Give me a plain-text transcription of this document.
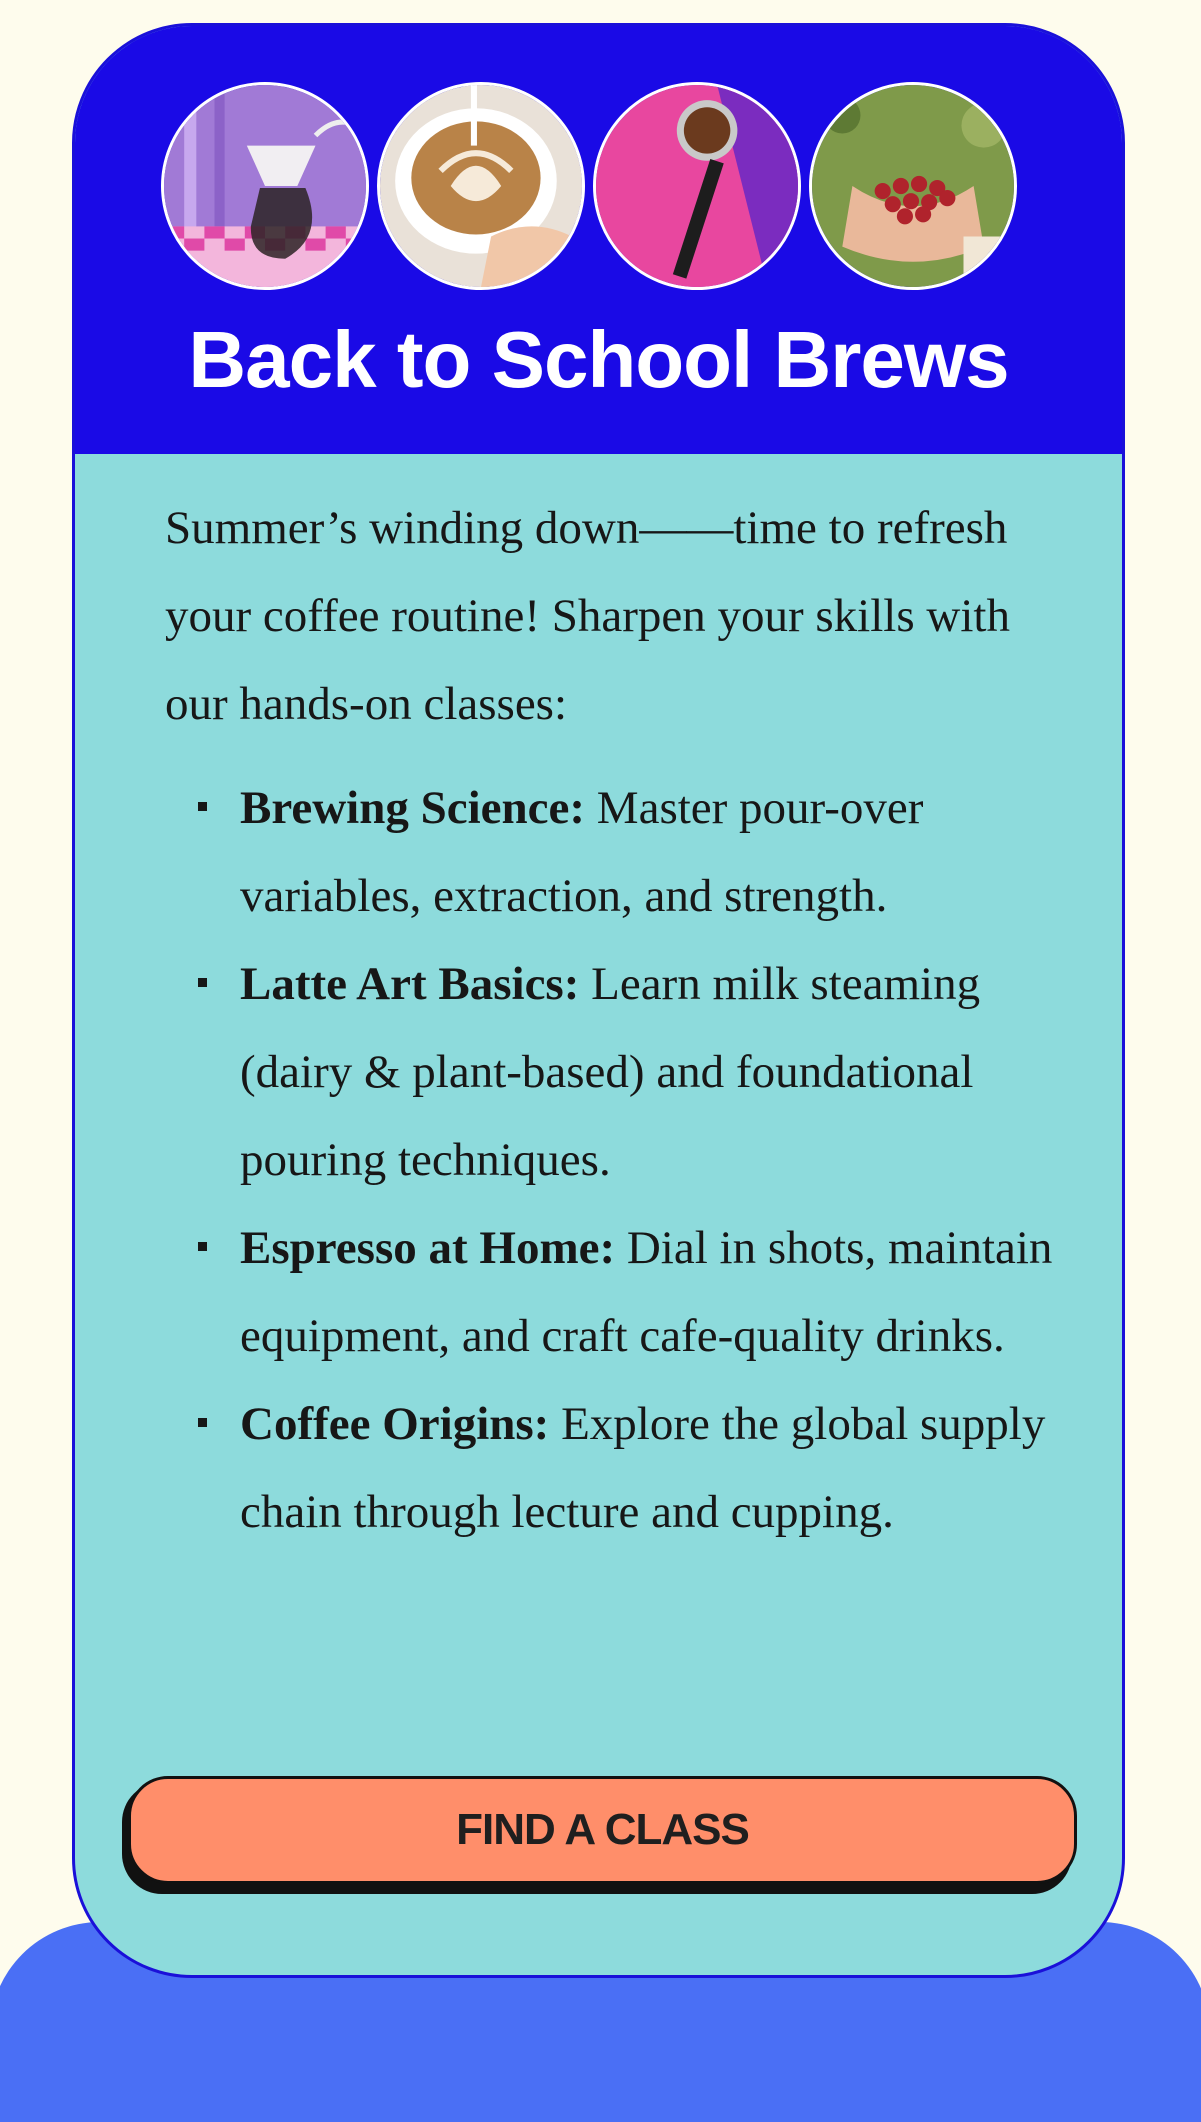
Back to School Brews

Summer’s winding down——time to refresh your coffee routine! Sharpen your skills with our hands-on classes:

Brewing Science: Master pour-over variables, extraction, and strength.
Latte Art Basics: Learn milk steaming (dairy & plant-based) and foundational pouring techniques.
Espresso at Home: Dial in shots, maintain equipment, and craft cafe-quality drinks.
Coffee Origins: Explore the global supply chain through lecture and cupping.
FIND A CLASS
